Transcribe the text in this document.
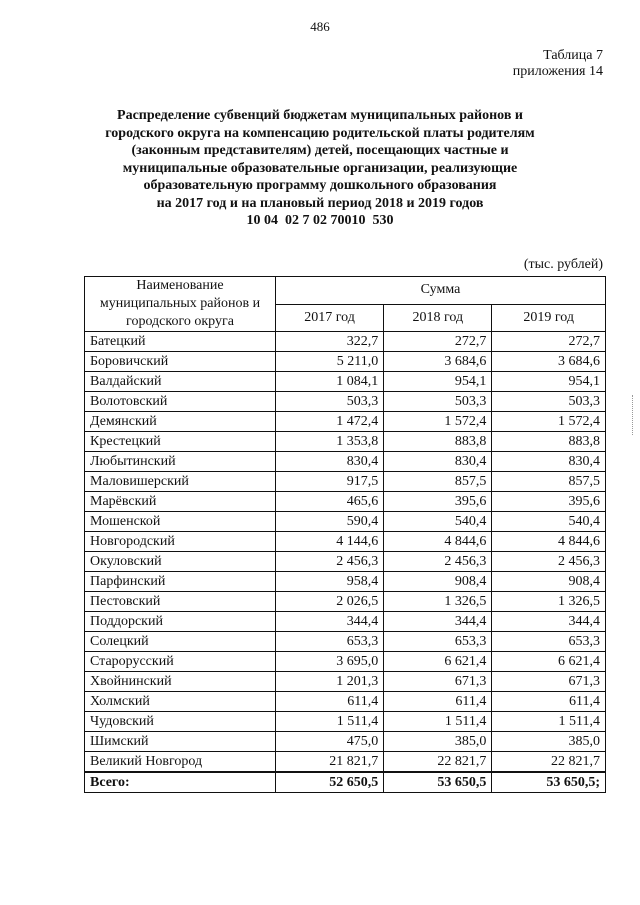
486
Таблица 7
приложения 14
Распределение субвенций бюджетам муниципальных районов и
городского округа на компенсацию родительской платы родителям
(законным представителям) детей, посещающих частные и
муниципальные образовательные организации, реализующие
образовательную программу дошкольного образования
на 2017 год и на плановый период 2018 и 2019 годов
10 04  02 7 02 70010  530
(тыс. рублей)
Наименование муниципальных районов и городского округа	Сумма		
	2017 год	2018 год	2019 год
Батецкий	322,7	272,7	272,7
Боровичский	5 211,0	3 684,6	3 684,6
Валдайский	1 084,1	954,1	954,1
Волотовский	503,3	503,3	503,3
Демянский	1 472,4	1 572,4	1 572,4
Крестецкий	1 353,8	883,8	883,8
Любытинский	830,4	830,4	830,4
Маловишерский	917,5	857,5	857,5
Марёвский	465,6	395,6	395,6
Мошенской	590,4	540,4	540,4
Новгородский	4 144,6	4 844,6	4 844,6
Окуловский	2 456,3	2 456,3	2 456,3
Парфинский	958,4	908,4	908,4
Пестовский	2 026,5	1 326,5	1 326,5
Поддорский	344,4	344,4	344,4
Солецкий	653,3	653,3	653,3
Старорусский	3 695,0	6 621,4	6 621,4
Хвойнинский	1 201,3	671,3	671,3
Холмский	611,4	611,4	611,4
Чудовский	1 511,4	1 511,4	1 511,4
Шимский	475,0	385,0	385,0
Великий Новгород	21 821,7	22 821,7	22 821,7
Всего:	52 650,5	53 650,5	53 650,5;
